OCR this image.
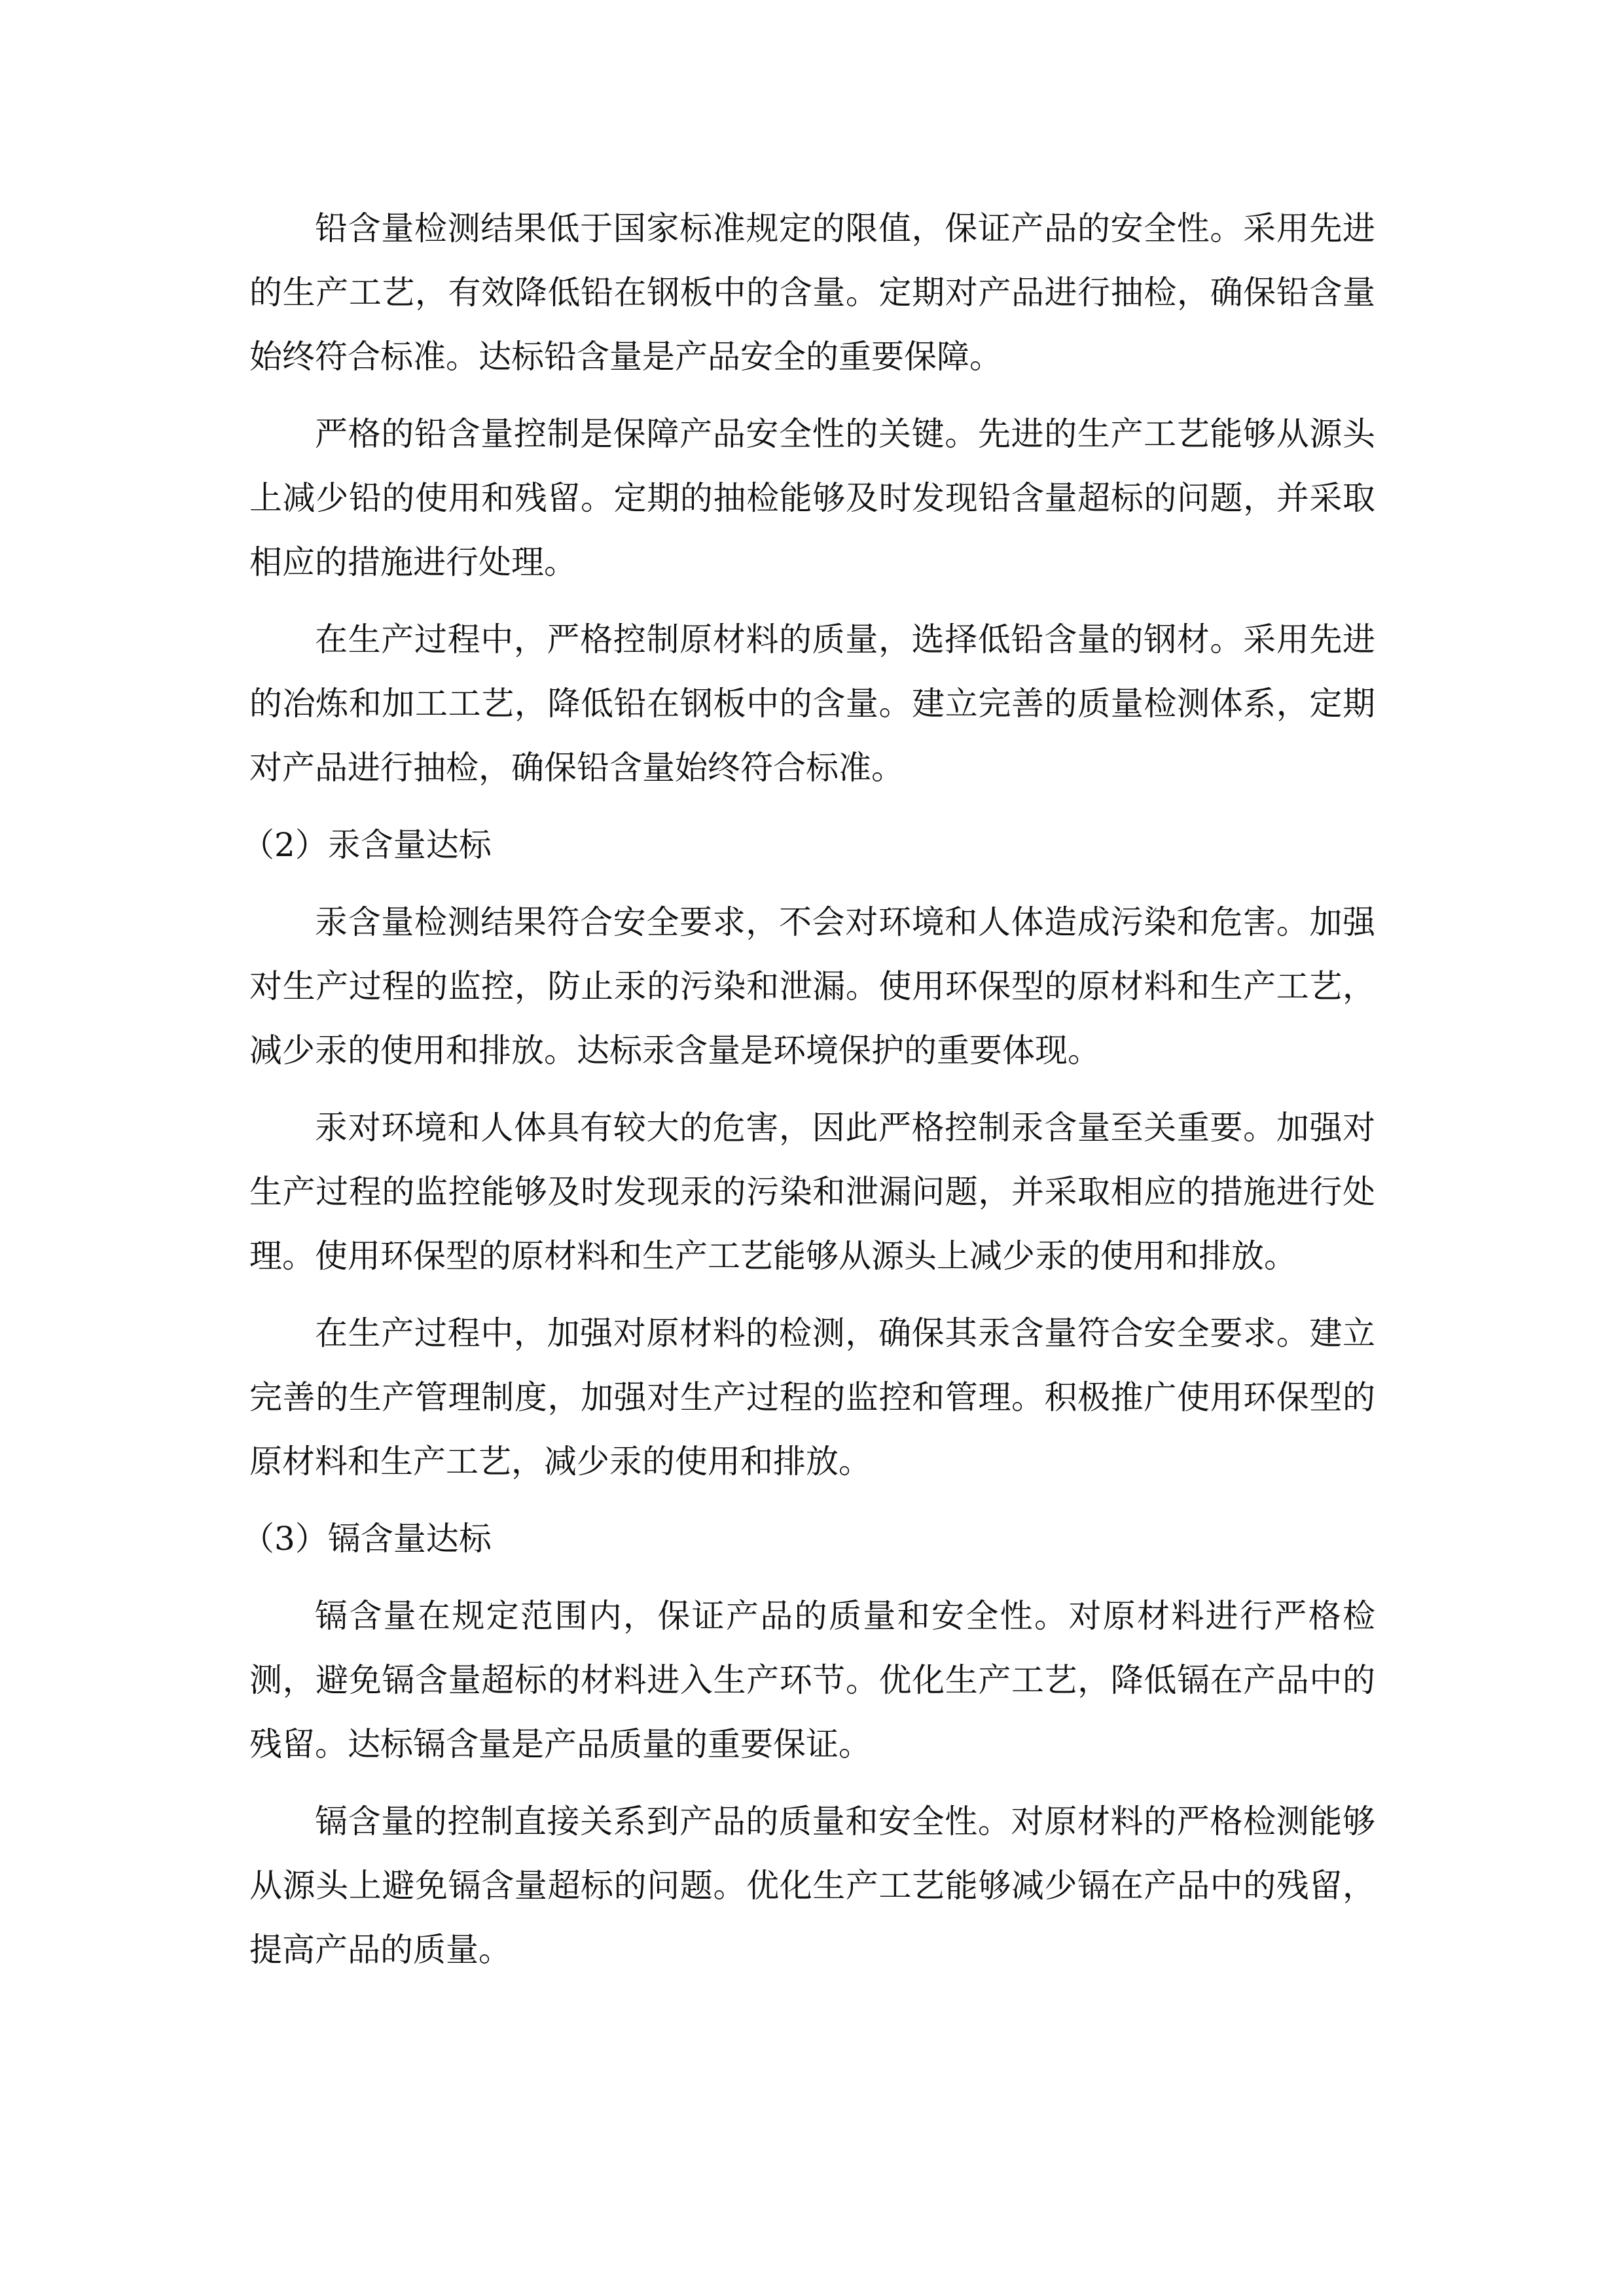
铅含量检测结果低于国家标准规定的限值，保证产品的安全性。采用先进的生产工艺，有效降低铅在钢板中的含量。定期对产品进行抽检，确保铅含量始终符合标准。达标铅含量是产品安全的重要保障。

严格的铅含量控制是保障产品安全性的关键。先进的生产工艺能够从源头上减少铅的使用和残留。定期的抽检能够及时发现铅含量超标的问题，并采取相应的措施进行处理。

在生产过程中，严格控制原材料的质量，选择低铅含量的钢材。采用先进的冶炼和加工工艺，降低铅在钢板中的含量。建立完善的质量检测体系，定期对产品进行抽检，确保铅含量始终符合标准。

（2）汞含量达标

汞含量检测结果符合安全要求，不会对环境和人体造成污染和危害。加强对生产过程的监控，防止汞的污染和泄漏。使用环保型的原材料和生产工艺，减少汞的使用和排放。达标汞含量是环境保护的重要体现。

汞对环境和人体具有较大的危害，因此严格控制汞含量至关重要。加强对生产过程的监控能够及时发现汞的污染和泄漏问题，并采取相应的措施进行处理。使用环保型的原材料和生产工艺能够从源头上减少汞的使用和排放。

在生产过程中，加强对原材料的检测，确保其汞含量符合安全要求。建立完善的生产管理制度，加强对生产过程的监控和管理。积极推广使用环保型的原材料和生产工艺，减少汞的使用和排放。

（3）镉含量达标

镉含量在规定范围内，保证产品的质量和安全性。对原材料进行严格检测，避免镉含量超标的材料进入生产环节。优化生产工艺，降低镉在产品中的残留。达标镉含量是产品质量的重要保证。

镉含量的控制直接关系到产品的质量和安全性。对原材料的严格检测能够从源头上避免镉含量超标的问题。优化生产工艺能够减少镉在产品中的残留，提高产品的质量。
